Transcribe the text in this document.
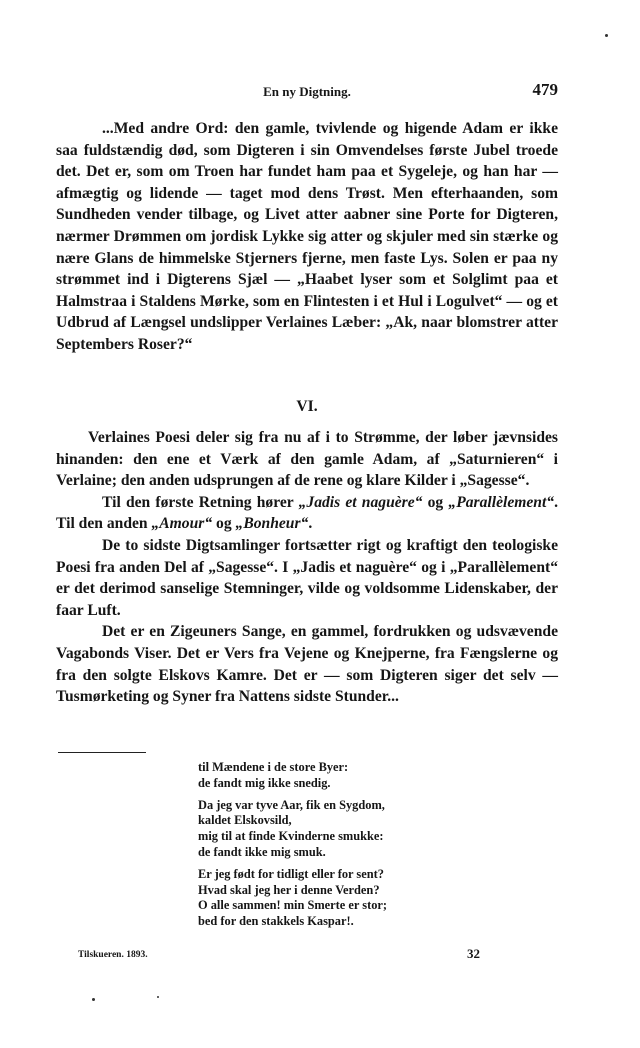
En ny Digtning.	479

...Med andre Ord: den gamle, tvivlende og higende Adam er ikke saa fuldstændig død, som Digteren i sin Omvendelses første Jubel troede det. Det er, som om Troen har fundet ham paa et Sygeleje, og han har — afmægtig og lidende — taget mod dens Trøst. Men efterhaanden, som Sundheden vender tilbage, og Livet atter aabner sine Porte for Digteren, nærmer Drømmen om jordisk Lykke sig atter og skjuler med sin stærke og nære Glans de himmelske Stjerners fjerne, men faste Lys. Solen er paa ny strømmet ind i Digterens Sjæl — „Haabet lyser som et Solglimt paa et Halmstraa i Staldens Mørke, som en Flintesten i et Hul i Logulvet“ — og et Udbrud af Længsel undslipper Verlaines Læber: „Ak, naar blomstrer atter Septembers Roser?“

VI.

Verlaines Poesi deler sig fra nu af i to Strømme, der løber jævnsides hinanden: den ene et Værk af den gamle Adam, af „Saturnieren“ i Verlaine; den anden udsprungen af de rene og klare Kilder i „Sagesse“.

Til den første Retning hører „Jadis et naguère“ og „Parallèlement“. Til den anden „Amour“ og „Bonheur“.

De to sidste Digtsamlinger fortsætter rigt og kraftigt den teologiske Poesi fra anden Del af „Sagesse“. I „Jadis et naguère“ og i „Parallèlement“ er det derimod sanselige Stemninger, vilde og voldsomme Lidenskaber, der faar Luft.

Det er en Zigeuners Sange, en gammel, fordrukken og udsvævende Vagabonds Viser. Det er Vers fra Vejene og Knejperne, fra Fængslerne og fra den solgte Elskovs Kamre. Det er — som Digteren siger det selv — Tusmørketing og Syner fra Nattens sidste Stunder...

til Mændene i de store Byer:
de fandt mig ikke snedig.
Da jeg var tyve Aar, fik en Sygdom,
kaldet Elskovsild,
mig til at finde Kvinderne smukke:
de fandt ikke mig smuk.
Er jeg født for tidligt eller for sent?
Hvad skal jeg her i denne Verden?
O alle sammen! min Smerte er stor;
bed for den stakkels Kaspar!.
Tilskueren. 1893.	32
